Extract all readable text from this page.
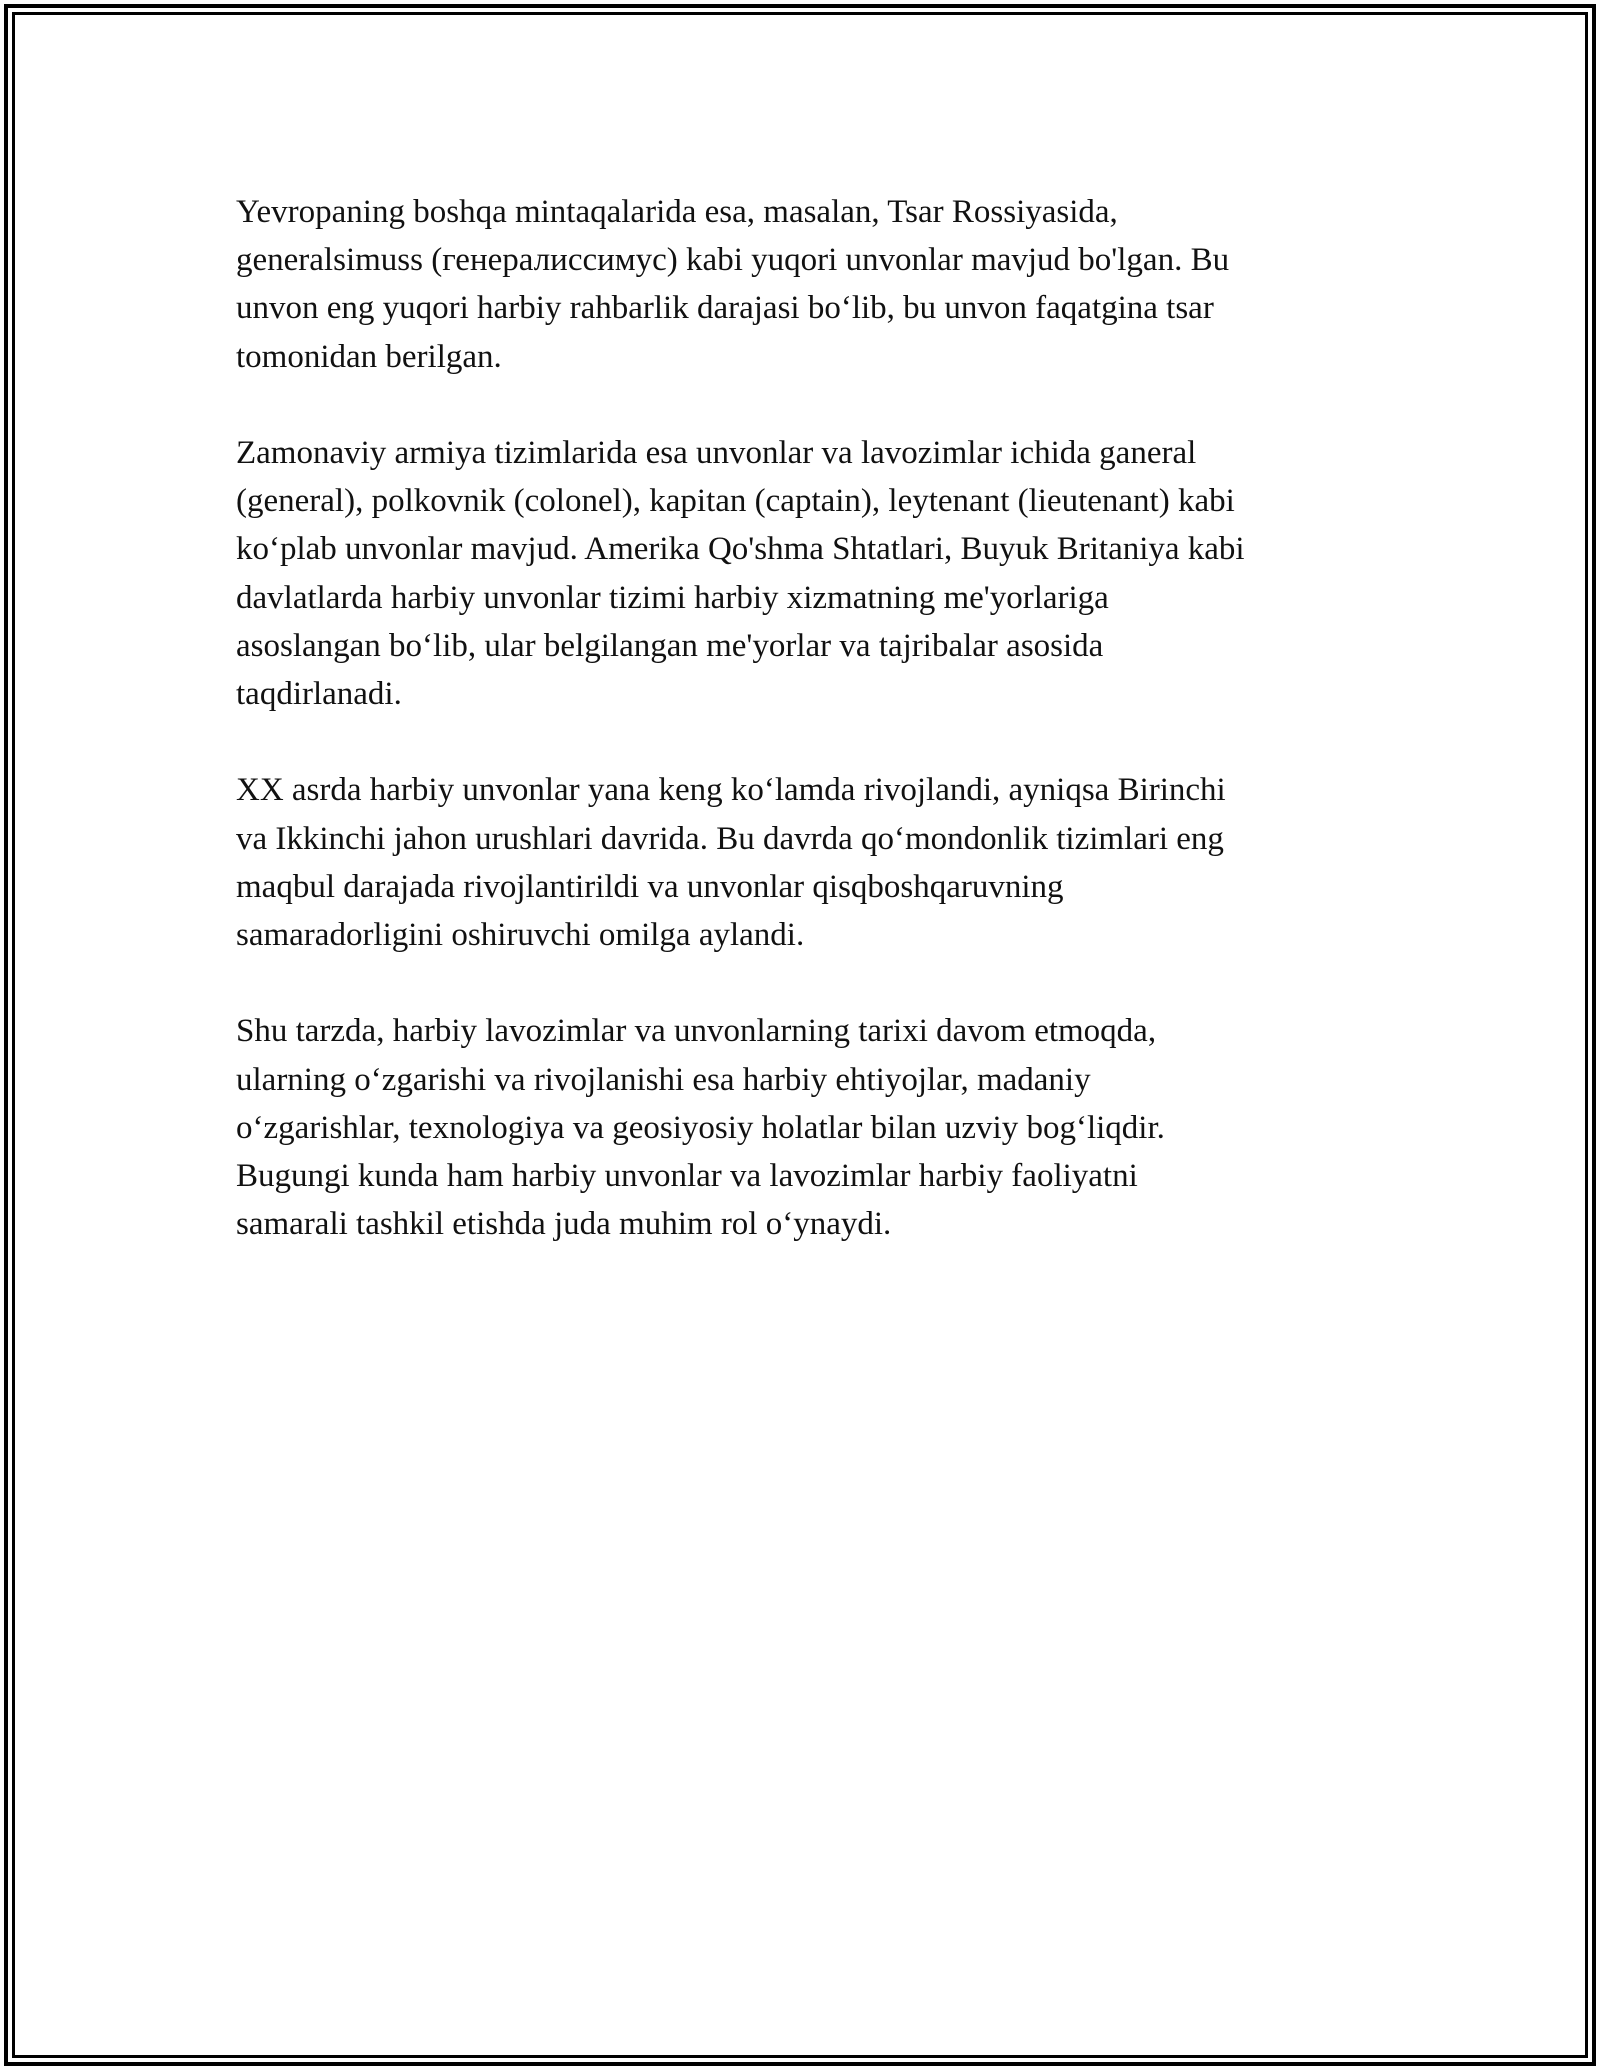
Yevropaning boshqa mintaqalarida esa, masalan, Tsar Rossiyasida,
generalsimuss (генералиссимус) kabi yuqori unvonlar mavjud bo'lgan. Bu
unvon eng yuqori harbiy rahbarlik darajasi bo‘lib, bu unvon faqatgina tsar
tomonidan berilgan.

Zamonaviy armiya tizimlarida esa unvonlar va lavozimlar ichida ganeral
(general), polkovnik (colonel), kapitan (captain), leytenant (lieutenant) kabi
ko‘plab unvonlar mavjud. Amerika Qo'shma Shtatlari, Buyuk Britaniya kabi
davlatlarda harbiy unvonlar tizimi harbiy xizmatning me'yorlariga
asoslangan bo‘lib, ular belgilangan me'yorlar va tajribalar asosida
taqdirlanadi.

XX asrda harbiy unvonlar yana keng ko‘lamda rivojlandi, ayniqsa Birinchi
va Ikkinchi jahon urushlari davrida. Bu davrda qo‘mondonlik tizimlari eng
maqbul darajada rivojlantirildi va unvonlar qisqboshqaruvning
samaradorligini oshiruvchi omilga aylandi.

Shu tarzda, harbiy lavozimlar va unvonlarning tarixi davom etmoqda,
ularning o‘zgarishi va rivojlanishi esa harbiy ehtiyojlar, madaniy
o‘zgarishlar, texnologiya va geosiyosiy holatlar bilan uzviy bog‘liqdir.
Bugungi kunda ham harbiy unvonlar va lavozimlar harbiy faoliyatni
samarali tashkil etishda juda muhim rol o‘ynaydi.
